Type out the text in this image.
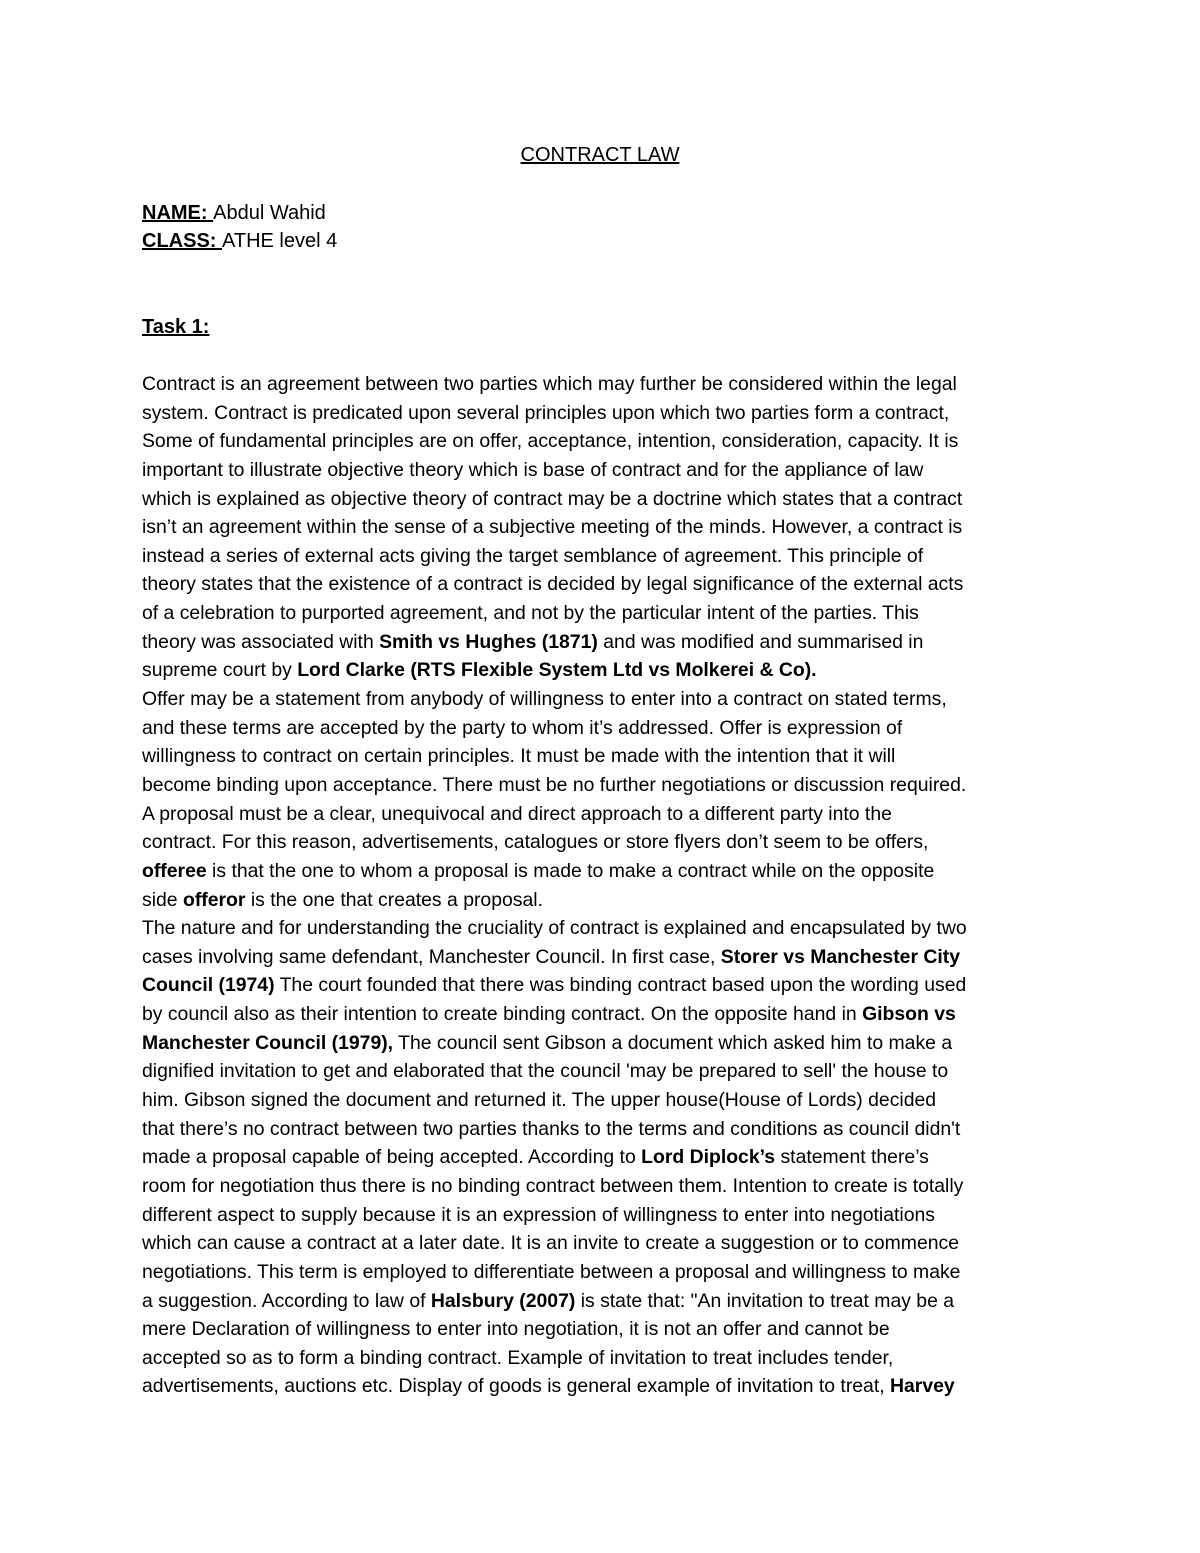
CONTRACT LAW
NAME: Abdul Wahid
CLASS: ATHE level 4
Task 1:
Contract is an agreement between two parties which may further be considered within the legal
system. Contract is predicated upon several principles upon which two parties form a contract,
Some of fundamental principles are on offer, acceptance, intention, consideration, capacity. It is
important to illustrate objective theory which is base of contract and for the appliance of law
which is explained as objective theory of contract may be a doctrine which states that a contract
isn’t an agreement within the sense of a subjective meeting of the minds. However, a contract is
instead a series of external acts giving the target semblance of agreement. This principle of
theory states that the existence of a contract is decided by legal significance of the external acts
of a celebration to purported agreement, and not by the particular intent of the parties. This
theory was associated with Smith vs Hughes (1871) and was modified and summarised in
supreme court by Lord Clarke (RTS Flexible System Ltd vs Molkerei & Co).
Offer may be a statement from anybody of willingness to enter into a contract on stated terms,
and these terms are accepted by the party to whom it’s addressed. Offer is expression of
willingness to contract on certain principles. It must be made with the intention that it will
become binding upon acceptance. There must be no further negotiations or discussion required.
A proposal must be a clear, unequivocal and direct approach to a different party into the
contract. For this reason, advertisements, catalogues or store flyers don’t seem to be offers,
offeree is that the one to whom a proposal is made to make a contract while on the opposite
side offeror is the one that creates a proposal.
The nature and for understanding the cruciality of contract is explained and encapsulated by two
cases involving same defendant, Manchester Council. In first case, Storer vs Manchester City
Council (1974) The court founded that there was binding contract based upon the wording used
by council also as their intention to create binding contract. On the opposite hand in Gibson vs
Manchester Council (1979), The council sent Gibson a document which asked him to make a
dignified invitation to get and elaborated that the council 'may be prepared to sell' the house to
him. Gibson signed the document and returned it. The upper house(House of Lords) decided
that there’s no contract between two parties thanks to the terms and conditions as council didn't
made a proposal capable of being accepted. According to Lord Diplock’s statement there’s
room for negotiation thus there is no binding contract between them. Intention to create is totally
different aspect to supply because it is an expression of willingness to enter into negotiations
which can cause a contract at a later date. It is an invite to create a suggestion or to commence
negotiations. This term is employed to differentiate between a proposal and willingness to make
a suggestion. According to law of Halsbury (2007) is state that: "An invitation to treat may be a
mere Declaration of willingness to enter into negotiation, it is not an offer and cannot be
accepted so as to form a binding contract. Example of invitation to treat includes tender,
advertisements, auctions etc. Display of goods is general example of invitation to treat, Harvey
